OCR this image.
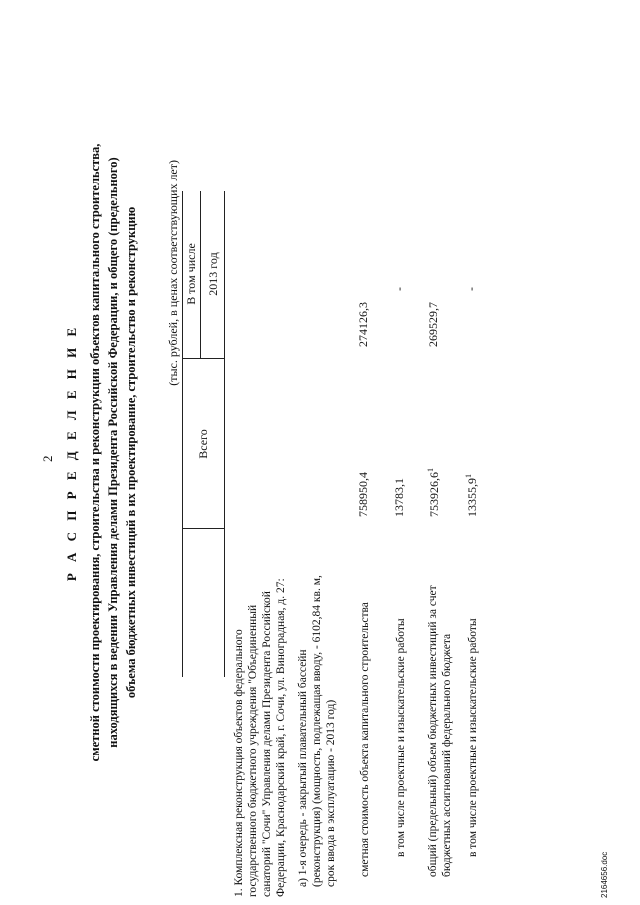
2 Р А С П Р Е Д Е Л Е Н И Е сметной стоимости проектирования, строительства и реконструкции объектов капитального строительства, находящихся в ведении Управления делами Президента Российской Федерации, и общего (предельного) объема бюджетных инвестиций в их проектирование, строительство и реконструкцию (тыс. рублей, в ценах соответствующих лет)
Всего
В том числе 2013 год
1. Комплексная реконструкция объектов федерального государственного бюджетного учреждения "Объединенный санаторий "Сочи" Управления делами Президента Российской Федерации, Краснодарский край, г. Сочи, ул. Виноградная, д. 27: а) 1-я очередь - закрытый плавательный бассейн (реконструкция) (мощность, подлежащая вводу, - 6102,84 кв. м, срок ввода в эксплуатацию - 2013 год) сметная стоимость объекта капитального строительства
758950,4
274126,3
в том числе проектные и изыскательские работы
13783,1
-
общий (предельный) объем бюджетных инвестиций за счет бюджетных ассигнований федерального бюджета
753926,6$^1$
269529,7
в том числе проектные и изыскательские работы
13355,9$^1$
-
2164656.doc
